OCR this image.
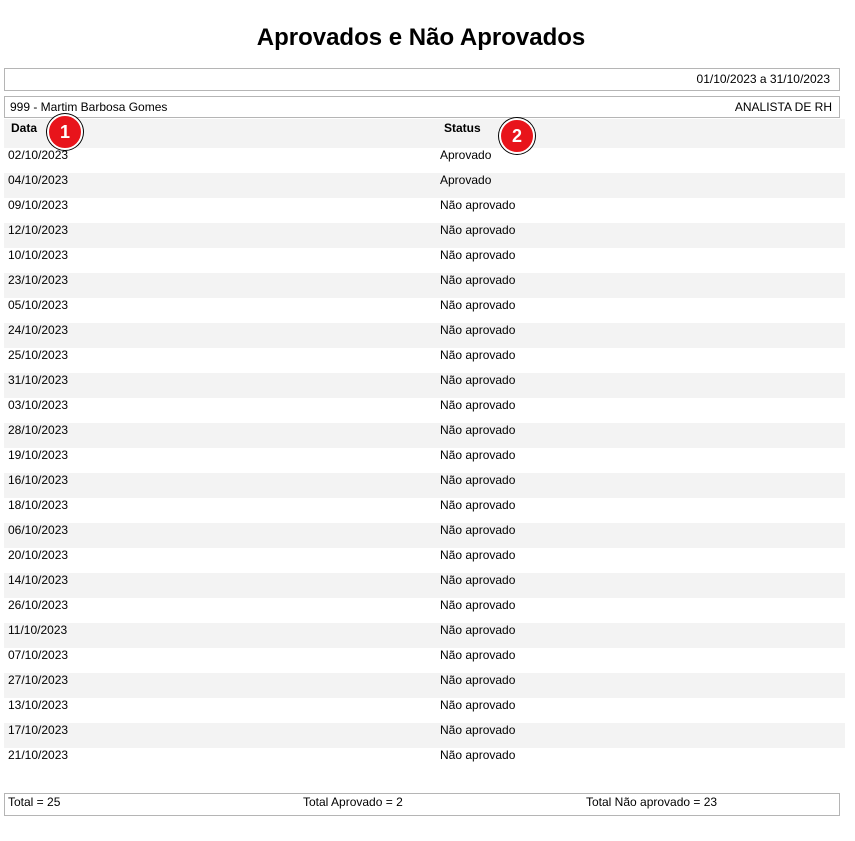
Aprovados e Não Aprovados
01/10/2023 a 31/10/2023
999 - Martim Barbosa Gomes	ANALISTA DE RH
Data	Status
1	2
02/10/2023	Aprovado
04/10/2023	Aprovado
09/10/2023	Não aprovado
12/10/2023	Não aprovado
10/10/2023	Não aprovado
23/10/2023	Não aprovado
05/10/2023	Não aprovado
24/10/2023	Não aprovado
25/10/2023	Não aprovado
31/10/2023	Não aprovado
03/10/2023	Não aprovado
28/10/2023	Não aprovado
19/10/2023	Não aprovado
16/10/2023	Não aprovado
18/10/2023	Não aprovado
06/10/2023	Não aprovado
20/10/2023	Não aprovado
14/10/2023	Não aprovado
26/10/2023	Não aprovado
11/10/2023	Não aprovado
07/10/2023	Não aprovado
27/10/2023	Não aprovado
13/10/2023	Não aprovado
17/10/2023	Não aprovado
21/10/2023	Não aprovado
Total = 25	Total Aprovado = 2	Total Não aprovado = 23
